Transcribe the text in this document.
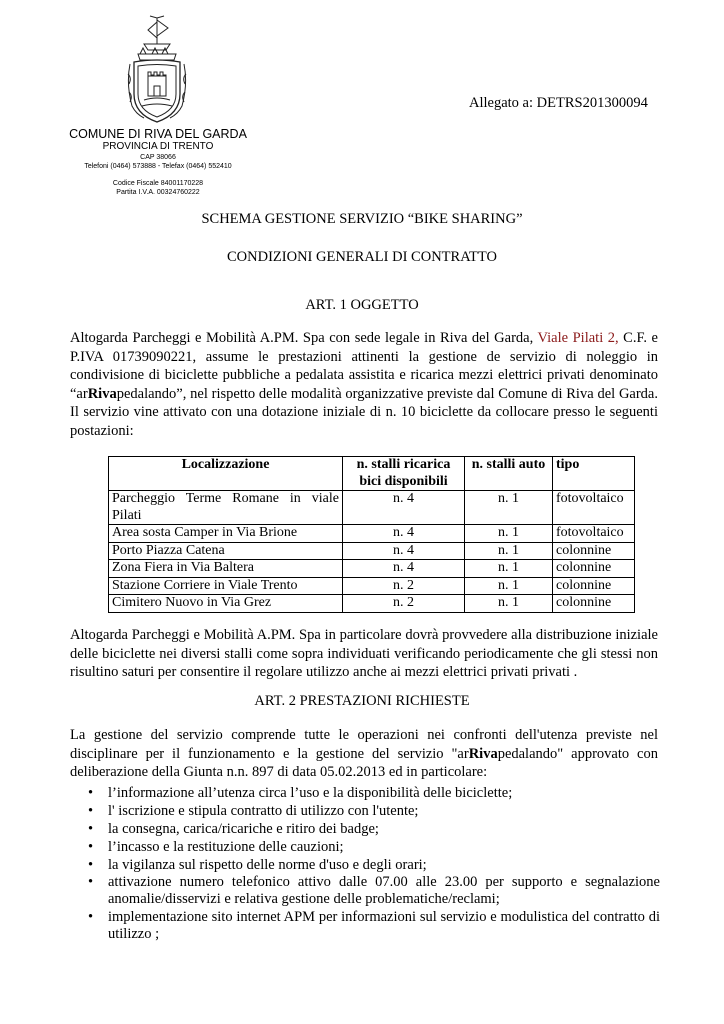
Allegato a: DETRS201300094
COMUNE DI RIVA DEL GARDA
PROVINCIA DI TRENTO
CAP 38066
Telefoni (0464) 573888 - Telefax (0464) 552410
Codice Fiscale 84001170228
Partita I.V.A. 00324760222
SCHEMA GESTIONE SERVIZIO “BIKE SHARING”
CONDIZIONI GENERALI DI CONTRATTO
ART. 1 OGGETTO
Altogarda Parcheggi e Mobilità A.PM. Spa con sede legale in Riva del Garda, Viale Pilati 2, C.F. e P.IVA 01739090221, assume le prestazioni attinenti la gestione de servizio di noleggio in condivisione di biciclette pubbliche a pedalata assistita e ricarica mezzi elettrici privati denominato “arRivapedalando”, nel rispetto delle modalità organizzative previste dal Comune di Riva del Garda. Il servizio vine attivato con una dotazione iniziale di n. 10 biciclette da collocare presso le seguenti postazioni:
Localizzazione	n. stalli ricarica bici disponibili	n. stalli auto	tipo
Parcheggio Terme Romane in viale Pilati	n. 4	n. 1	fotovoltaico
Area sosta Camper in Via Brione	n. 4	n. 1	fotovoltaico
Porto Piazza Catena	n. 4	n. 1	colonnine
Zona Fiera in Via Baltera	n. 4	n. 1	colonnine
Stazione Corriere in Viale Trento	n. 2	n. 1	colonnine
Cimitero Nuovo in Via Grez	n. 2	n. 1	colonnine
Altogarda Parcheggi e Mobilità A.PM. Spa in particolare dovrà provvedere alla distribuzione iniziale delle biciclette nei diversi stalli come sopra individuati verificando periodicamente che gli stessi non risultino saturi per consentire il regolare utilizzo anche ai mezzi elettrici privati privati .
ART. 2 PRESTAZIONI RICHIESTE
La gestione del servizio comprende tutte le operazioni nei confronti dell'utenza previste nel disciplinare per il funzionamento e la gestione del servizio "arRivapedalando" approvato con deliberazione della Giunta n.n. 897 di data 05.02.2013 ed in particolare:
• l’informazione all’utenza circa l’uso e la disponibilità delle biciclette;
• l' iscrizione e stipula contratto di utilizzo con l'utente;
• la consegna, carica/ricariche e ritiro dei badge;
• l’incasso e la restituzione delle cauzioni;
• la vigilanza sul rispetto delle norme d'uso e degli orari;
• attivazione numero telefonico attivo dalle 07.00 alle 23.00 per supporto e segnalazione anomalie/disservizi e relativa gestione delle problematiche/reclami;
• implementazione sito internet APM per informazioni sul servizio e modulistica del contratto di utilizzo ;
